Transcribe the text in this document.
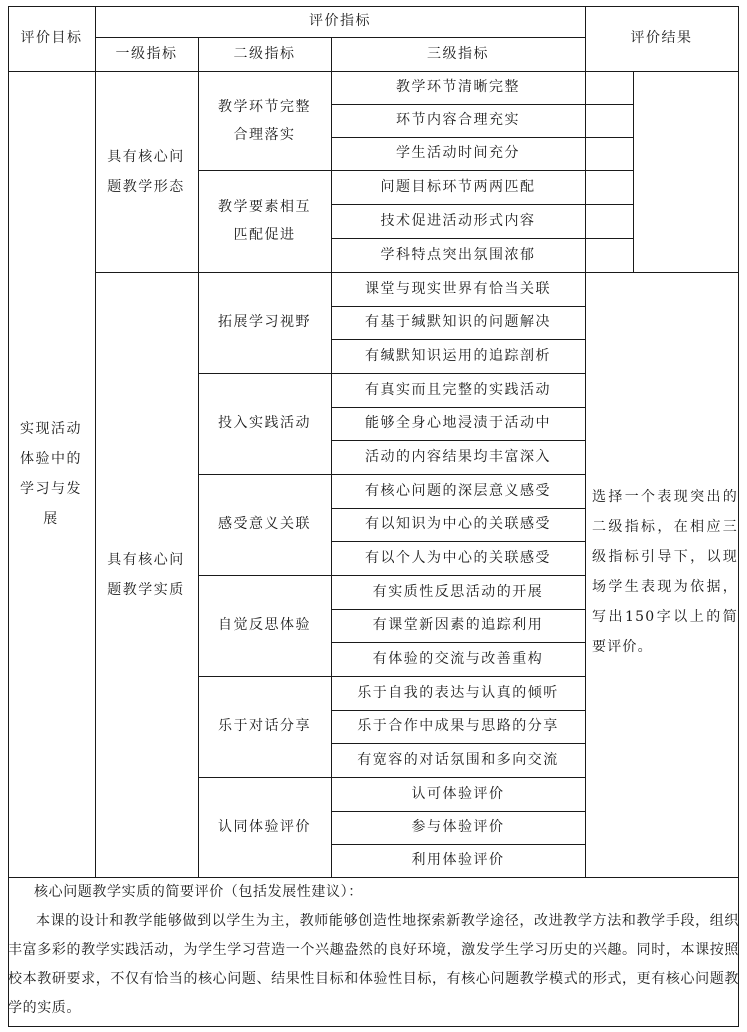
评价目标
评价指标
一级指标	二级指标	三级指标
评价结果
实现活动体验中的学习与发展
具有核心问题教学形态
具有核心问题教学实质
教学环节完整合理落实
教学要素相互匹配促进
拓展学习视野
投入实践活动
感受意义关联
自觉反思体验
乐于对话分享
认同体验评价
教学环节清晰完整
环节内容合理充实
学生活动时间充分
问题目标环节两两匹配
技术促进活动形式内容
学科特点突出氛围浓郁
课堂与现实世界有恰当关联
有基于缄默知识的问题解决
有缄默知识运用的追踪剖析
有真实而且完整的实践活动
能够全身心地浸渍于活动中
活动的内容结果均丰富深入
有核心问题的深层意义感受
有以知识为中心的关联感受
有以个人为中心的关联感受
有实质性反思活动的开展
有课堂新因素的追踪利用
有体验的交流与改善重构
乐于自我的表达与认真的倾听
乐于合作中成果与思路的分享
有宽容的对话氛围和多向交流
认可体验评价
参与体验评价
利用体验评价
选择一个表现突出的二级指标，在相应三级指标引导下，以现场学生表现为依据，写出150字以上的简要评价。
核心问题教学实质的简要评价（包括发展性建议）：
本课的设计和教学能够做到以学生为主，教师能够创造性地探索新教学途径，改进教学方法和教学手段，组织丰富多彩的教学实践活动，为学生学习营造一个兴趣盎然的良好环境，激发学生学习历史的兴趣。同时，本课按照校本教研要求，不仅有恰当的核心问题、结果性目标和体验性目标，有核心问题教学模式的形式，更有核心问题教学的实质。
